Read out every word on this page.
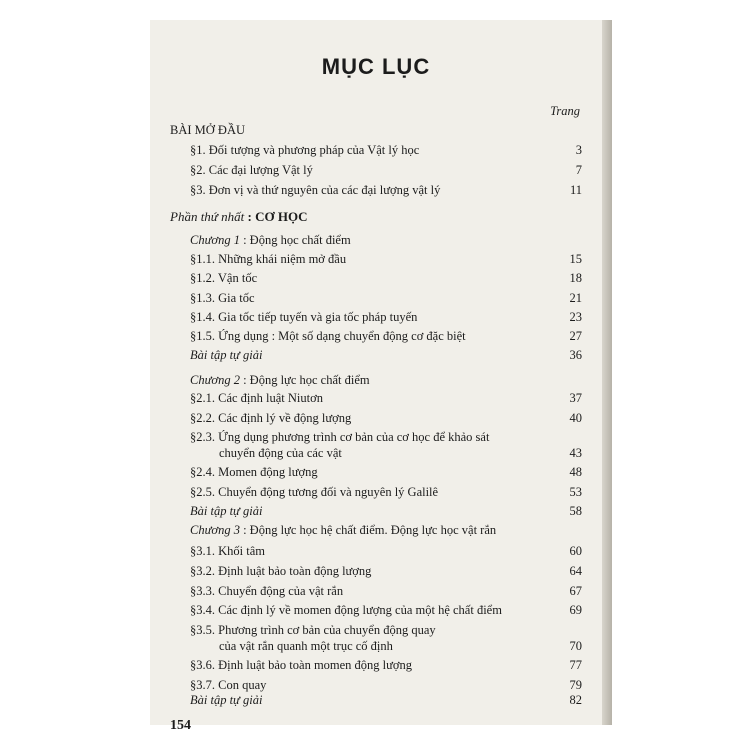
MỤC LỤC
Trang
BÀI MỞ ĐẦU
§1. Đối tượng và phương pháp của Vật lý học	3
§2. Các đại lượng Vật lý	7
§3. Đơn vị và thứ nguyên của các đại lượng vật lý	11
Phần thứ nhất : CƠ HỌC
Chương 1 : Động học chất điểm
§1.1. Những khái niệm mở đầu	15
§1.2. Vận tốc	18
§1.3. Gia tốc	21
§1.4. Gia tốc tiếp tuyến và gia tốc pháp tuyến	23
§1.5. Ứng dụng : Một số dạng chuyển động cơ đặc biệt	27
Bài tập tự giải	36
Chương 2 : Động lực học chất điểm
§2.1. Các định luật Niutơn	37
§2.2. Các định lý về động lượng	40
§2.3. Ứng dụng phương trình cơ bản của cơ học để khảo sát
chuyển động của các vật	43
§2.4. Momen động lượng	48
§2.5. Chuyển động tương đối và nguyên lý Galilê	53
Bài tập tự giải	58
Chương 3 : Động lực học hệ chất điểm. Động lực học vật rắn
§3.1. Khối tâm	60
§3.2. Định luật bảo toàn động lượng	64
§3.3. Chuyển động của vật rắn	67
§3.4. Các định lý về momen động lượng của một hệ chất điểm	69
§3.5. Phương trình cơ bản của chuyển động quay
của vật rắn quanh một trục cố định	70
§3.6. Định luật bảo toàn momen động lượng	77
§3.7. Con quay	79
Bài tập tự giải	82
154
